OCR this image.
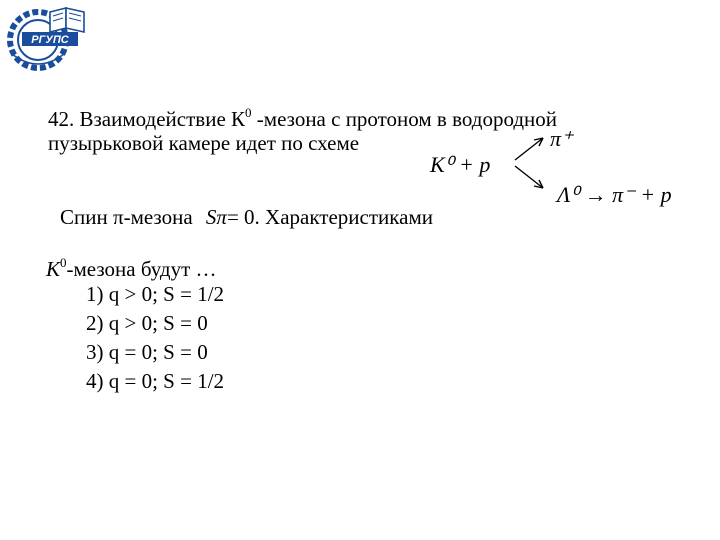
РГУПС
42. Взаимодействие $К^0$ -мезона с протоном в водородной
пузырьковой камере идет по схеме
K⁰ + p
π⁺
Λ⁰ → π⁻ + p
Спин π-мезона Sπ= 0. Характеристиками
$K^0$-мезона будут …
1) q > 0; S = 1/2
2) q > 0; S = 0
3) q = 0; S = 0
4) q = 0; S = 1/2
